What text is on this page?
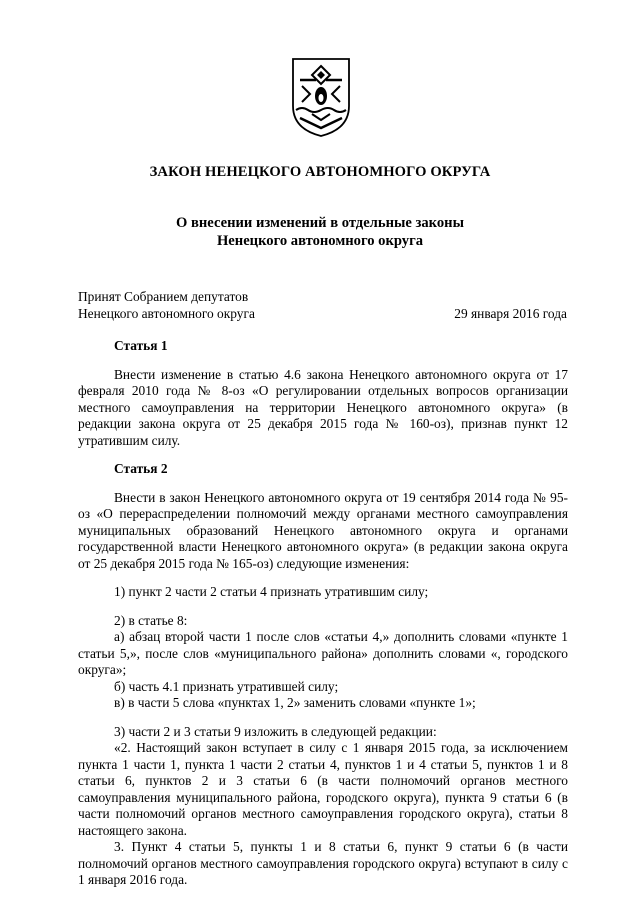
ЗАКОН НЕНЕЦКОГО АВТОНОМНОГО ОКРУГА
О внесении изменений в отдельные законы
Ненецкого автономного округа
Принят Собранием депутатов
Ненецкого автономного округа	29 января 2016 года
Статья 1

Внести изменение в статью 4.6 закона Ненецкого автономного округа от 17 февраля 2010 года № 8-оз «О регулировании отдельных вопросов организации местного самоуправления на территории Ненецкого автономного округа» (в редакции закона округа от 25 декабря 2015 года № 160-оз), признав пункт 12 утратившим силу.

Статья 2

Внести в закон Ненецкого автономного округа от 19 сентября 2014 года № 95-оз «О перераспределении полномочий между органами местного самоуправления муниципальных образований Ненецкого автономного округа и органами государственной власти Ненецкого автономного округа» (в редакции закона округа от 25 декабря 2015 года № 165-оз) следующие изменения:

1) пункт 2 части 2 статьи 4 признать утратившим силу;

2) в статье 8:

а) абзац второй части 1 после слов «статьи 4,» дополнить словами «пункте 1 статьи 5,», после слов «муниципального района» дополнить словами «, городского округа»;

б) часть 4.1 признать утратившей силу;

в) в части 5 слова «пунктах 1, 2» заменить словами «пункте 1»;

3) части 2 и 3 статьи 9 изложить в следующей редакции:

«2. Настоящий закон вступает в силу с 1 января 2015 года, за исключением пункта 1 части 1, пункта 1 части 2 статьи 4, пунктов 1 и 4 статьи 5, пунктов 1 и 8 статьи 6, пунктов 2 и 3 статьи 6 (в части полномочий органов местного самоуправления муниципального района, городского округа), пункта 9 статьи 6 (в части полномочий органов местного самоуправления городского округа), статьи 8 настоящего закона.

3. Пункт 4 статьи 5, пункты 1 и 8 статьи 6, пункт 9 статьи 6 (в части полномочий органов местного самоуправления городского округа) вступают в силу с 1 января 2016 года.
